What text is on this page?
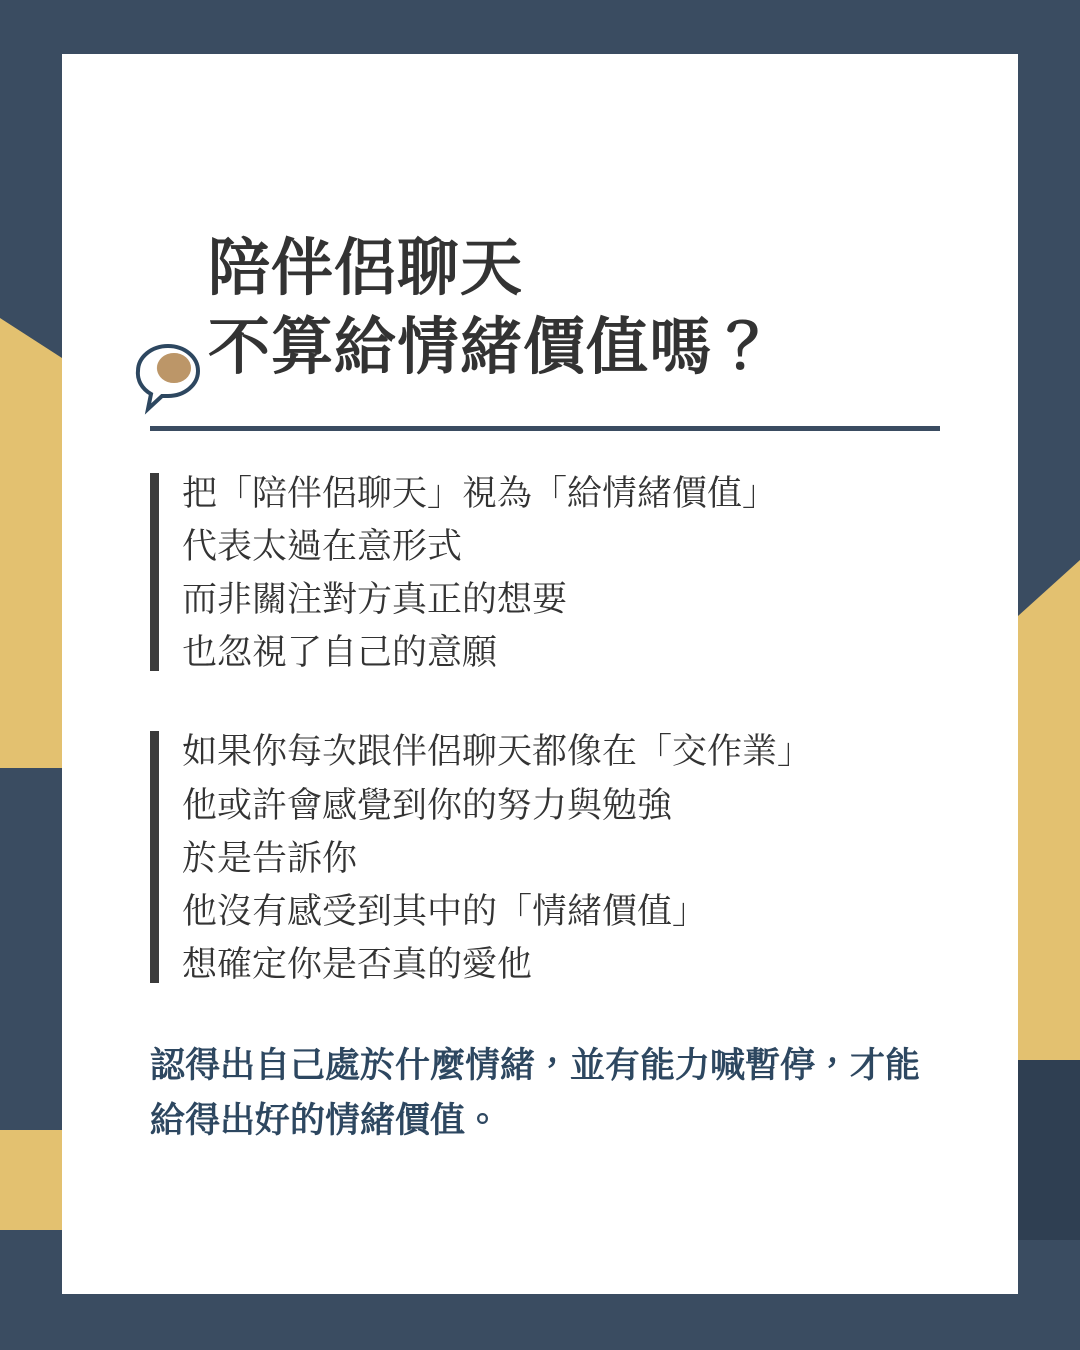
陪伴侶聊天
不算給情緒價值嗎？
把「陪伴侶聊天」視為「給情緒價值」
代表太過在意形式
而非關注對方真正的想要
也忽視了自己的意願
如果你每次跟伴侶聊天都像在「交作業」
他或許會感覺到你的努力與勉強
於是告訴你
他沒有感受到其中的「情緒價值」
想確定你是否真的愛他
認得出自己處於什麼情緒，並有能力喊暫停，才能給得出好的情緒價值。
